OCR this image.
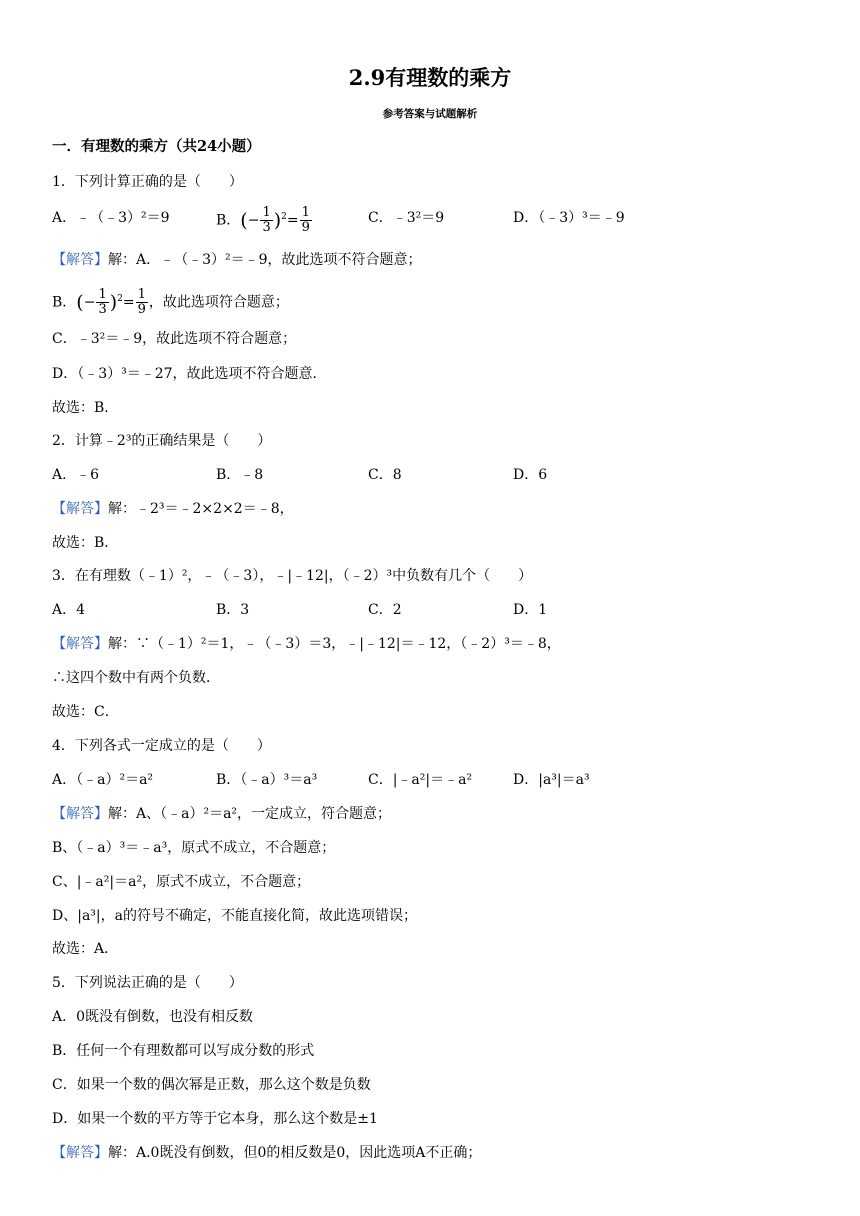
2.9有理数的乘方
参考答案与试题解析
一．有理数的乘方（共24小题）
1．下列计算正确的是（　　）
A．﹣（﹣3）²＝9	B．(− $\frac{1}{3} )^2= \frac{1}{9}$	C．﹣3²＝9	D．（﹣3）³＝﹣9
【解答】解：A．﹣（﹣3）²＝﹣9，故此选项不符合题意；
B．(− $\frac{1}{3} )^2= \frac{1}{9}$ ，故此选项符合题意；
C．﹣3²＝﹣9，故此选项不符合题意；
D．（﹣3）³＝﹣27，故此选项不符合题意．
故选：B．
2．计算﹣2³的正确结果是（　　）
A．﹣6	B．﹣8	C．8	D．6
【解答】解：﹣2³＝﹣2×2×2＝﹣8，
故选：B．
3．在有理数（﹣1）²，﹣（﹣3），﹣|﹣12|，（﹣2）³中负数有几个（　　）
A．4	B．3	C．2	D．1
【解答】解：∵（﹣1）²＝1，﹣（﹣3）＝3，﹣|﹣12|＝﹣12，（﹣2）³＝﹣8，
∴这四个数中有两个负数．
故选：C．
4．下列各式一定成立的是（　　）
A．（﹣a）²＝a²	B．（﹣a）³＝a³	C．|﹣a²|＝﹣a²	D．|a³|＝a³
【解答】解：A、（﹣a）²＝a²，一定成立，符合题意；
B、（﹣a）³＝﹣a³，原式不成立，不合题意；
C、|﹣a²|＝a²，原式不成立，不合题意；
D、|a³|，a的符号不确定，不能直接化简，故此选项错误；
故选：A．
5．下列说法正确的是（　　）
A．0既没有倒数，也没有相反数
B．任何一个有理数都可以写成分数的形式
C．如果一个数的偶次幂是正数，那么这个数是负数
D．如果一个数的平方等于它本身，那么这个数是±1
【解答】解：A.0既没有倒数，但0的相反数是0，因此选项A不正确；
